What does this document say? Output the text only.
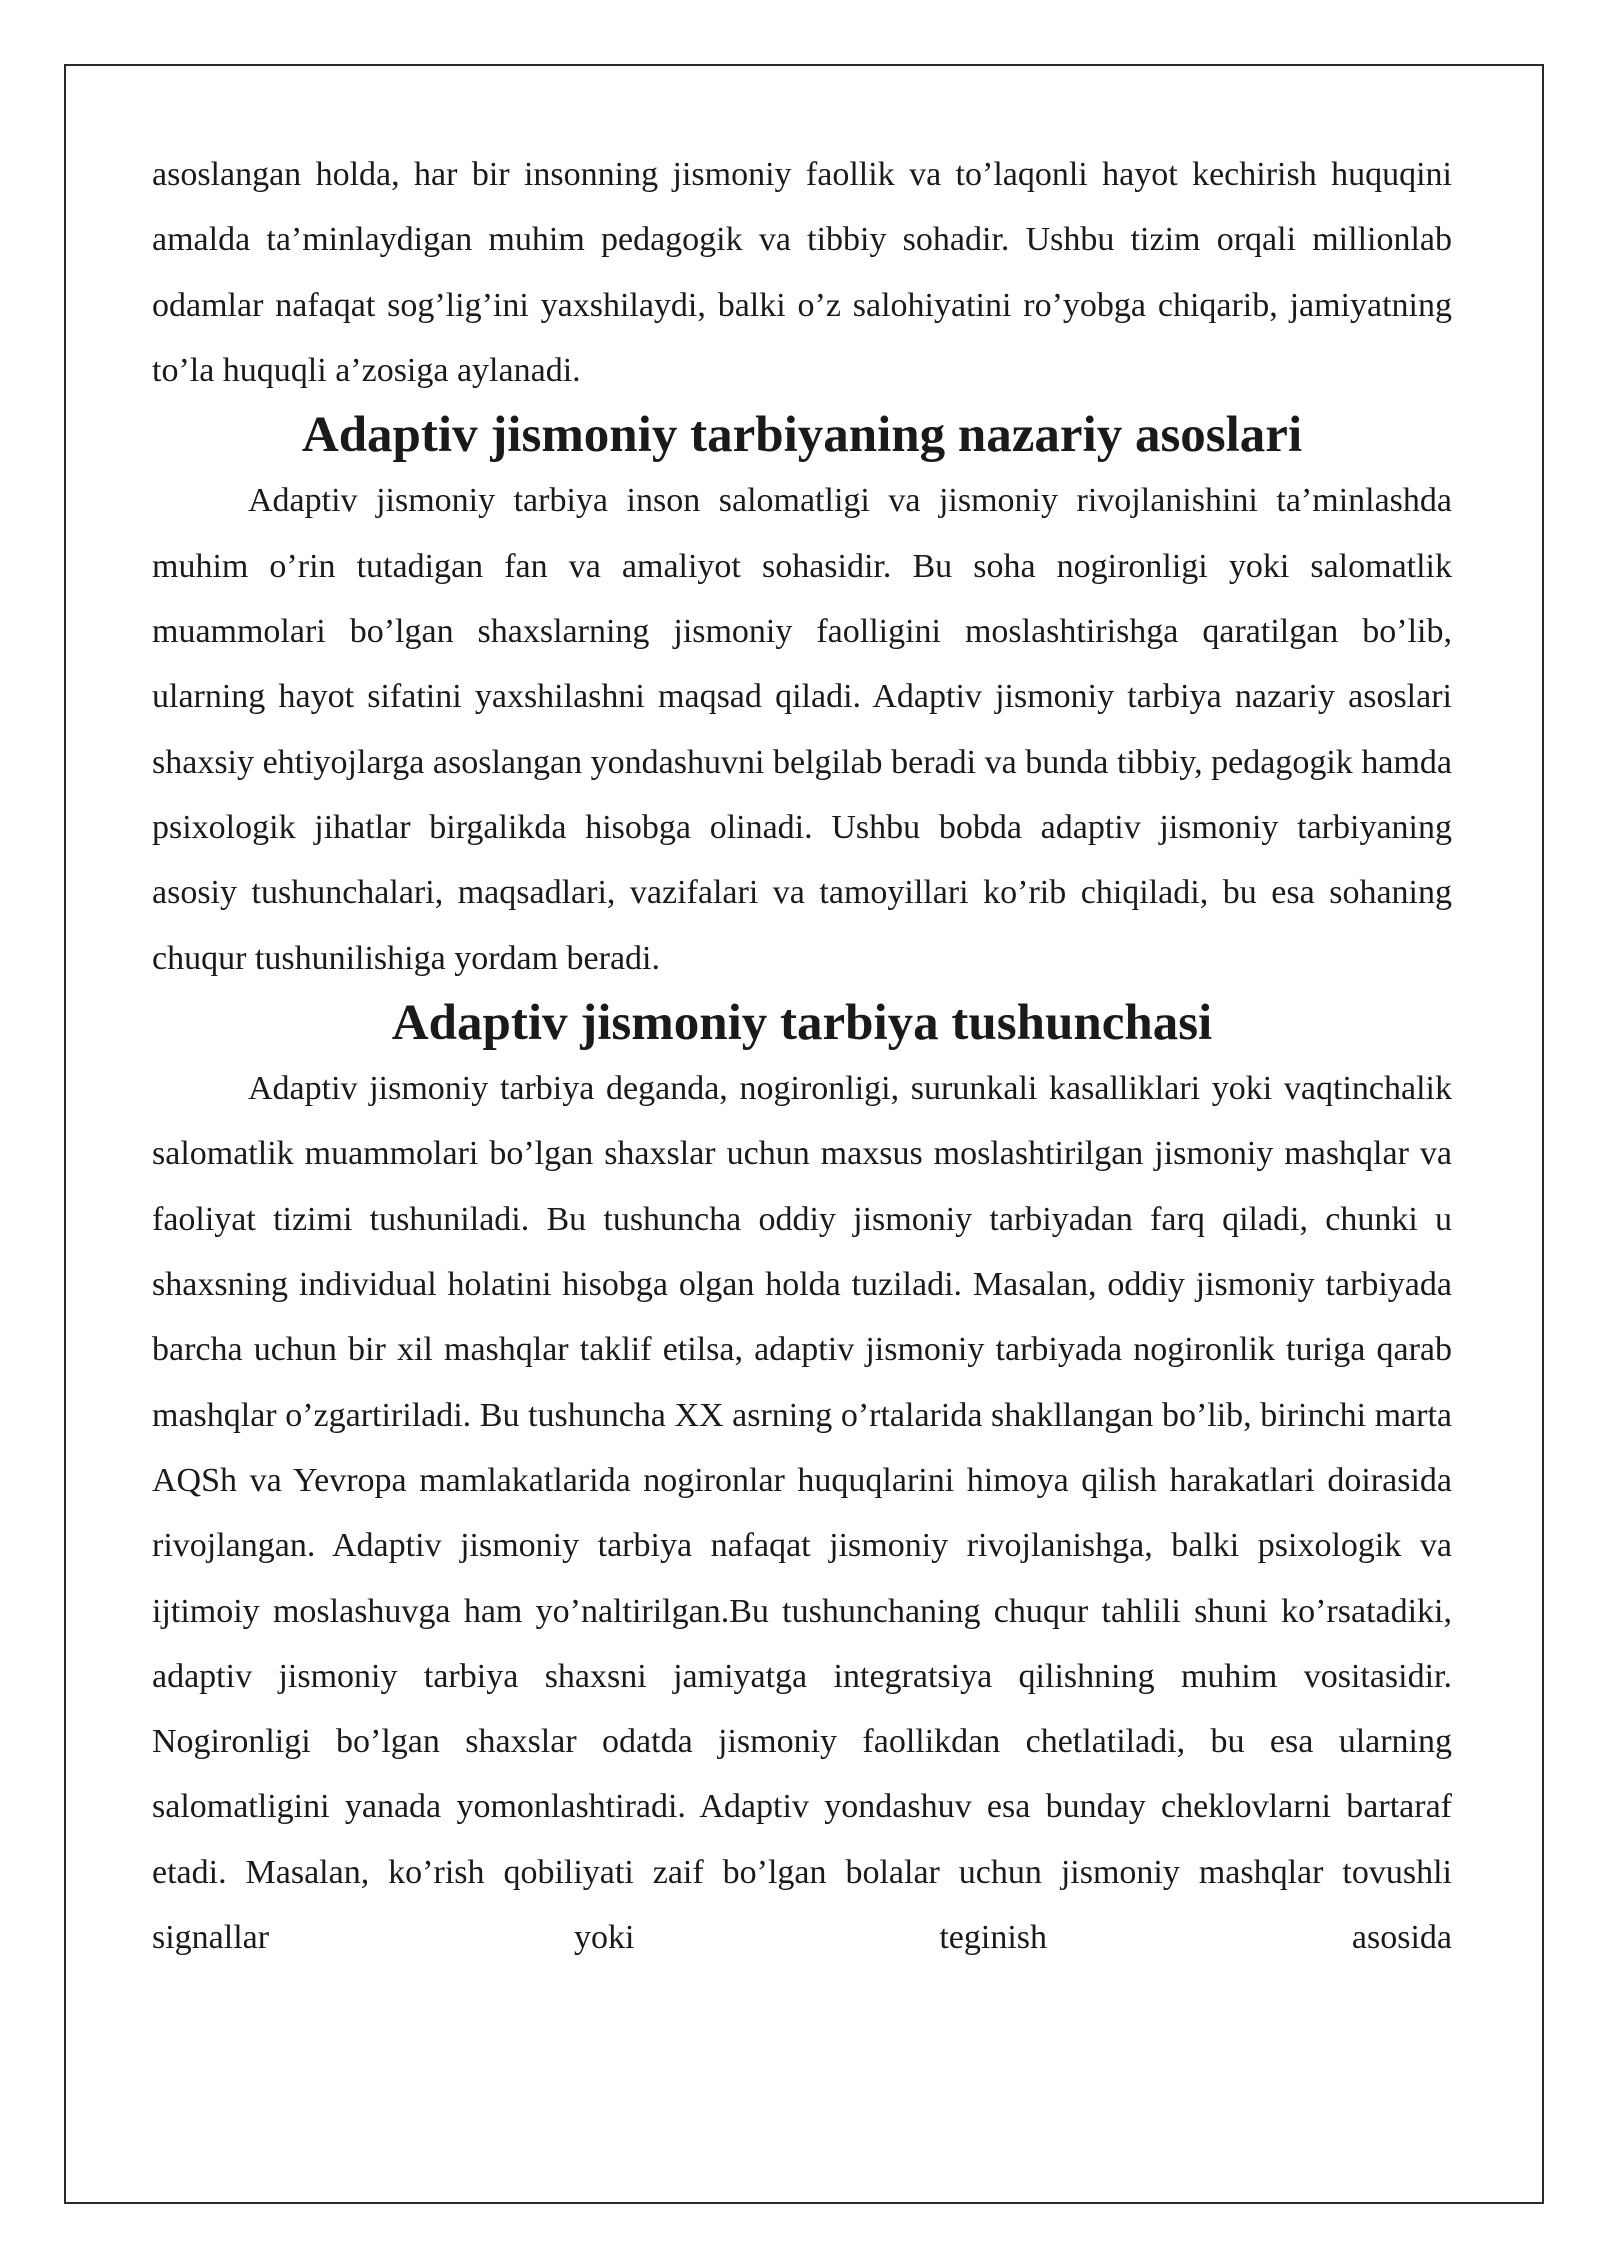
asoslangan holda, har bir insonning jismoniy faollik va to’laqonli hayot kechirish huquqini amalda ta’minlaydigan muhim pedagogik va tibbiy sohadir. Ushbu tizim orqali millionlab odamlar nafaqat sog’lig’ini yaxshilaydi, balki o’z salohiyatini ro’yobga chiqarib, jamiyatning to’la huquqli a’zosiga aylanadi.

Adaptiv jismoniy tarbiyaning nazariy asoslari

Adaptiv jismoniy tarbiya inson salomatligi va jismoniy rivojlanishini ta’minlashda muhim o’rin tutadigan fan va amaliyot sohasidir. Bu soha nogironligi yoki salomatlik muammolari bo’lgan shaxslarning jismoniy faolligini moslashtirishga qaratilgan bo’lib, ularning hayot sifatini yaxshilashni maqsad qiladi. Adaptiv jismoniy tarbiya nazariy asoslari shaxsiy ehtiyojlarga asoslangan yondashuvni belgilab beradi va bunda tibbiy, pedagogik hamda psixologik jihatlar birgalikda hisobga olinadi. Ushbu bobda adaptiv jismoniy tarbiyaning asosiy tushunchalari, maqsadlari, vazifalari va tamoyillari ko’rib chiqiladi, bu esa sohaning chuqur tushunilishiga yordam beradi.

Adaptiv jismoniy tarbiya tushunchasi

Adaptiv jismoniy tarbiya deganda, nogironligi, surunkali kasalliklari yoki vaqtinchalik salomatlik muammolari bo’lgan shaxslar uchun maxsus moslashtirilgan jismoniy mashqlar va faoliyat tizimi tushuniladi. Bu tushuncha oddiy jismoniy tarbiyadan farq qiladi, chunki u shaxsning individual holatini hisobga olgan holda tuziladi. Masalan, oddiy jismoniy tarbiyada barcha uchun bir xil mashqlar taklif etilsa, adaptiv jismoniy tarbiyada nogironlik turiga qarab mashqlar o’zgartiriladi. Bu tushuncha XX asrning o’rtalarida shakllangan bo’lib, birinchi marta AQSh va Yevropa mamlakatlarida nogironlar huquqlarini himoya qilish harakatlari doirasida rivojlangan. Adaptiv jismoniy tarbiya nafaqat jismoniy rivojlanishga, balki psixologik va ijtimoiy moslashuvga ham yo’naltirilgan.Bu tushunchaning chuqur tahlili shuni ko’rsatadiki, adaptiv jismoniy tarbiya shaxsni jamiyatga integratsiya qilishning muhim vositasidir. Nogironligi bo’lgan shaxslar odatda jismoniy faollikdan chetlatiladi, bu esa ularning salomatligini yanada yomonlashtiradi. Adaptiv yondashuv esa bunday cheklovlarni bartaraf etadi. Masalan, ko’rish qobiliyati zaif bo’lgan bolalar uchun jismoniy mashqlar tovushli signallar yoki teginish asosida
